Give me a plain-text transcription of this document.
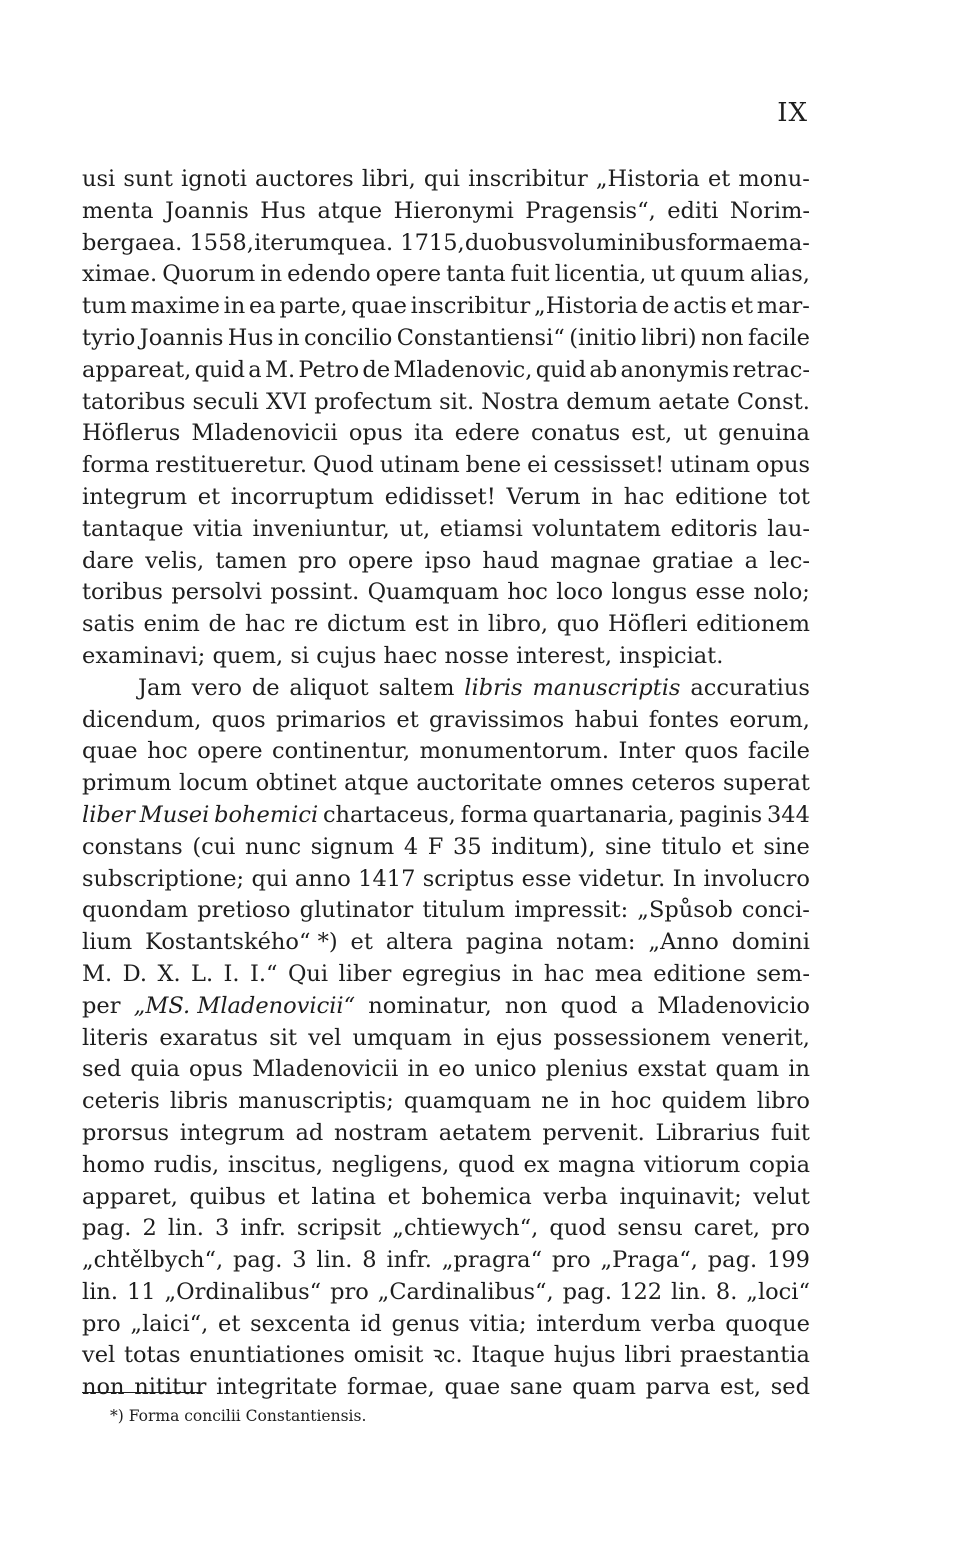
IX
usi sunt ignoti auctores libri, qui inscribitur „Historia et monu-
menta Joannis Hus atque Hieronymi Pragensis“, editi Norim-
bergae a. 1558, iterumque a. 1715, duobus voluminibus formae ma-
ximae. Quorum in edendo opere tanta fuit licentia, ut quum alias,
tum maxime in ea parte, quae inscribitur „Historia de actis et mar-
tyrio Joannis Hus in concilio Constantiensi“ (initio libri) non facile
appareat, quid a M. Petro de Mladenovic, quid ab anonymis retrac-
tatoribus seculi XVI profectum sit. Nostra demum aetate Const.
Höflerus Mladenovicii opus ita edere conatus est, ut genuina
forma restitueretur. Quod utinam bene ei cessisset! utinam opus
integrum et incorruptum edidisset! Verum in hac editione tot
tantaque vitia inveniuntur, ut, etiamsi voluntatem editoris lau-
dare velis, tamen pro opere ipso haud magnae gratiae a lec-
toribus persolvi possint. Quamquam hoc loco longus esse nolo;
satis enim de hac re dictum est in libro, quo Höfleri editionem
examinavi;
quem,
si
cujus
haec
nosse
interest,
inspiciat.
Jam vero de aliquot saltem libris manuscriptis accuratius
dicendum, quos primarios et gravissimos habui fontes eorum,
quae hoc opere continentur, monumentorum. Inter quos facile
primum locum obtinet atque auctoritate omnes ceteros superat
liber Musei bohemici chartaceus, forma quartanaria, paginis 344
constans (cui nunc signum 4 F 35 inditum), sine titulo et sine
subscriptione; qui anno 1417 scriptus esse videtur. In involucro
quondam pretioso glutinator titulum impressit: „Spůsob conci-
lium Kostantského“ *) et altera pagina notam: „Anno domini
M. D. X. L. I. I.“ Qui liber egregius in hac mea editione sem-
per „MS. Mladenovicii“ nominatur, non quod a Mladenovicio
literis exaratus sit vel umquam in ejus possessionem venerit,
sed quia opus Mladenovicii in eo unico plenius exstat quam in
ceteris libris manuscriptis; quamquam ne in hoc quidem libro
prorsus integrum ad nostram aetatem pervenit. Librarius fuit
homo rudis, inscitus, negligens, quod ex magna vitiorum copia
apparet, quibus et latina et bohemica verba inquinavit; velut
pag. 2 lin. 3 infr. scripsit „chtiewych“, quod sensu caret, pro
„chtělbych“, pag. 3 lin. 8 infr. „pragra“ pro „Praga“, pag. 199
lin. 11 „Ordinalibus“ pro „Cardinalibus“, pag. 122 lin. 8. „loci“
pro „laici“, et sexcenta id genus vitia; interdum verba quoque
vel totas enuntiationes omisit ꝛc. Itaque hujus libri praestantia
non nititur integritate formae, quae sane quam parva est, sed
*) Forma concilii Constantiensis.
